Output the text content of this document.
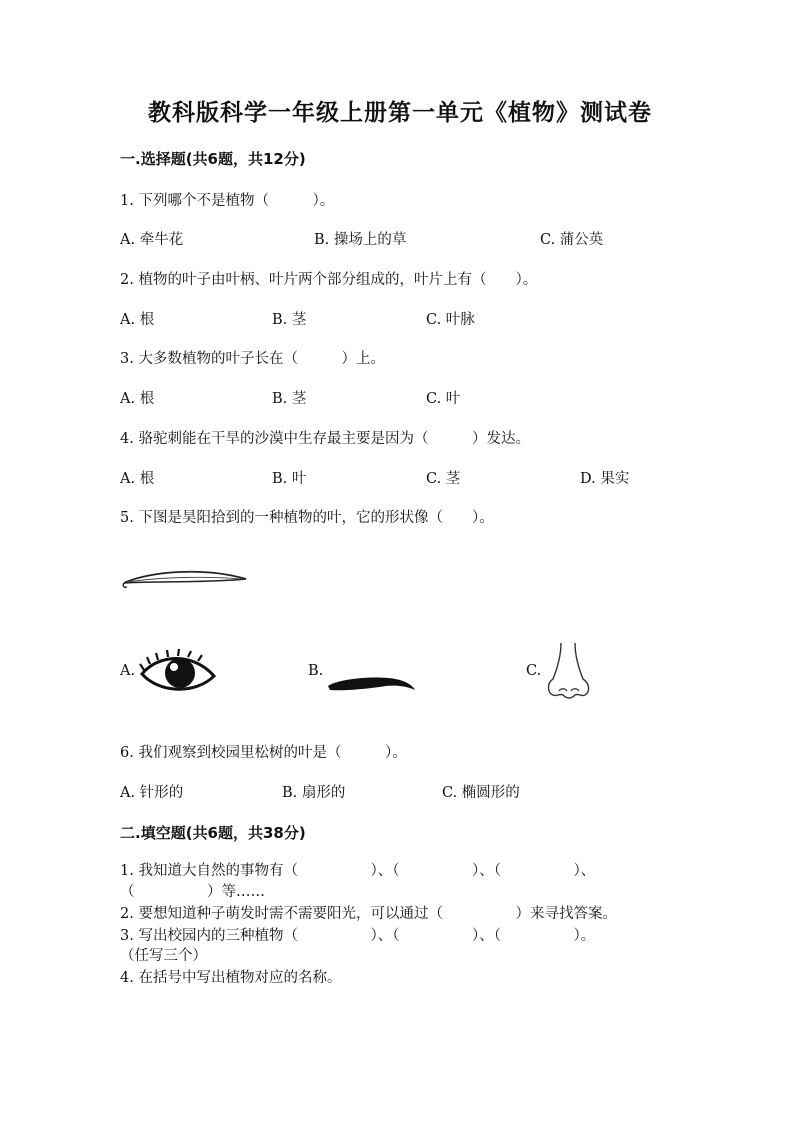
教科版科学一年级上册第一单元《植物》测试卷
一.选择题(共6题，共12分)
1. 下列哪个不是植物（　　　）。
A. 牵牛花	B. 操场上的草	C. 蒲公英
2. 植物的叶子由叶柄、叶片两个部分组成的，叶片上有（　　）。
A. 根	B. 茎	C. 叶脉
3. 大多数植物的叶子长在（　　　）上。
A. 根	B. 茎	C. 叶
4. 骆驼刺能在干旱的沙漠中生存最主要是因为（　　　）发达。
A. 根	B. 叶	C. 茎	D. 果实
5. 下图是昊阳拾到的一种植物的叶，它的形状像（　　）。
A.	B.	C.
6. 我们观察到校园里松树的叶是（　　　）。
A. 针形的	B. 扇形的	C. 椭圆形的
二.填空题(共6题，共38分)
1. 我知道大自然的事物有（　　　　　）、（　　　　　）、（　　　　　）、
（　　　　　）等……
2. 要想知道种子萌发时需不需要阳光，可以通过（　　　　　）来寻找答案。
3. 写出校园内的三种植物（　　　　　）、（　　　　　）、（　　　　　）。
（任写三个）
4. 在括号中写出植物对应的名称。
